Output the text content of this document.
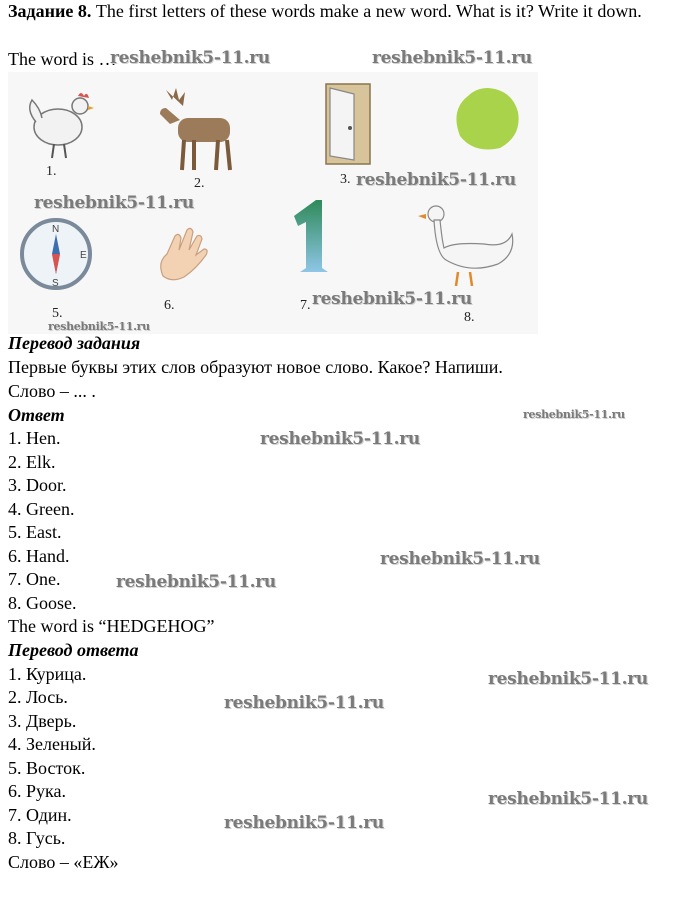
Задание 8. The first letters of these words make a new word. What is it? Write it down.
The word is …
1.
2.	3.
N
E
S
5.
6.	7.
8.
Перевод задания
Первые буквы этих слов образуют новое слово. Какое? Напиши.
Слово – ... .
Ответ
1. Hen.
2. Elk.
3. Door.
4. Green.
5. East.
6. Hand.
7. One.
8. Goose.
The word is “HEDGEHOG”
Перевод ответа
1. Курица.
2. Лось.
3. Дверь.
4. Зеленый.
5. Восток.
6. Рука.
7. Один.
8. Гусь.
Слово – «ЕЖ»
reshebnik5-11.ru	reshebnik5-11.ru
reshebnik5-11.ru
reshebnik5-11.ru
reshebnik5-11.ru
reshebnik5-11.ru
reshebnik5-11.ru
reshebnik5-11.ru
reshebnik5-11.ru
reshebnik5-11.ru
reshebnik5-11.ru
reshebnik5-11.ru
reshebnik5-11.ru
reshebnik5-11.ru
